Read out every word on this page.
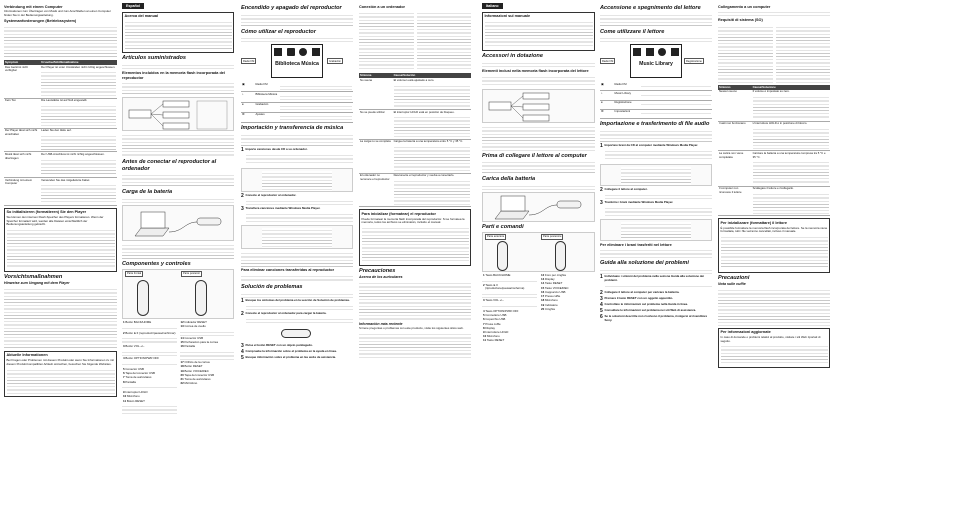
Verbindung mit einem Computer

Informationen zum Übertragen von Musik und zum Anschließen an einen Computer finden Sie in der Bedienungsanleitung.

Systemanforderungen (Betriebssystem)
Symptom	Ursache/Abhilfemaßnahme
Das Gerät ist nicht verfügbar	Der Player ist unter Umständen nicht richtig angeschlossen.

Kein Ton	Die Lautstärke ist auf Null eingestellt.

Der Player lässt sich nicht einschalten	Laden Sie den Akku auf.

Musik lässt sich nicht übertragen	Der USB-Anschluss ist nicht richtig angeschlossen.

Verbindung mit einem Computer	Verwenden Sie das mitgelieferte Kabel.
So initialisieren (formatieren) Sie den Player

Sie können den internen Flash-Speicher des Players formatieren. Wenn der Speicher formatiert wird, werden alle Dateien einschließlich der Bedienungsanleitung gelöscht.

Vorsichtsmaßnahmen
Hinweise zum Umgang mit dem Player
Aktuelle Informationen

Bei Fragen oder Problemen mit diesem Produkt oder wenn Sie Informationen zu mit diesem Produkt kompatiblen Artikeln wünschen, besuchen Sie folgende Websites.

Español
Acerca del manual
Artículos suministrados
Elementos incluidos en la memoria flash incorporada del reproductor
Antes de conectar el reproductor al ordenador
Carga de la batería
Componentes y controles
Parte frontal	Parte posterior
1 Botón BACK/HOME
2 Botón ►II (reproducir/pausa/confirmar)
3 Botón VOL +/–
4 Botón OPTION/PWR OFF
5 Conector USB
6 Tapa del conector USB
7 Toma de auriculares
8 Pantalla
9 Interruptor HOLD
10 Micrófono
11 Botón RESET
12 Indicador RESET
13 Correa de cuello
14 Conector USB
15 Perforación para la correa
16 Pantalla
17 Orificio de la correa
18 Botón RESET
19 Botón VOICE/REC
20 Tapa del conector USB
21 Toma de auriculares
22 Micrófono
Encendido y apagado del reproductor
Cómo utilizar el reproductor
Biblioteca Música
Radio FM	Grabación
▣	Radio FM	

♪	Biblioteca Música	

●	Grabación	

⚙	Ajustes	
Importación y transferencia de música
1 Importe canciones desde CD a su ordenador.
2 Conecte el reproductor al ordenador.
3 Transfiera canciones mediante Windows Media Player.
Para eliminar canciones transferidas al reproductor
Solución de problemas
1 Busque los síntomas del problema en la sección de Solución de problemas.
2 Conecte el reproductor al ordenador para cargar la batería.
3 Pulse el botón RESET con un objeto puntiagudo.
4 Compruebe la información sobre el problema en la ayuda en línea.
5 Busque información sobre el problema en las webs de asistencia.
Conexión a un ordenador
Síntoma	Causa/Solución
No suena	El volumen está ajustado a cero.

No se puede utilizar	El interruptor HOLD está en posición de bloqueo.

La carga no se completa	Cargue la batería a una temperatura entre 5 °C y 35 °C.

El ordenador no reconoce el reproductor	Desconecte el reproductor y vuelva a conectarlo.
Para inicializar (formatear) el reproductor

Puede formatear la memoria flash incorporada del reproductor. Si se formatea la memoria, todos los archivos se eliminarán, incluido el manual.

Precauciones
Acerca de los auriculares
Información más reciente

Si tiene preguntas o problemas con este producto, visite los siguientes sitios web.

Italiano
Informazioni sul manuale
Accessori in dotazione
Elementi inclusi nella memoria flash incorporata del lettore
Prima di collegare il lettore al computer
Carica della batteria
Parti e comandi
Parte anteriore	Parte posteriore
1 Tasto BACK/HOME
2 Tasto ►II (riproduzione/pausa/conferma)
3 Tasto VOL +/–
4 Tasto OPTION/PWR OFF
5 Connettore USB
6 Coperchio USB
7 Presa cuffie
8 Display
9 Interruttore HOLD
10 Microfono
11 Tasto RESET
12 Foro per cinghia
13 Display
14 Tasto RESET
15 Tasto VOICE/REC
16 Cappuccio USB
17 Presa cuffie
18 Microfono
19 Indicatore
20 Cinghia
Accensione e spegnimento del lettore
Come utilizzare il lettore
Music Library
Radio FM	Registrazione
▣	Radio FM	

♪	Music Library	

●	Registrazione	

⚙	Impostazioni	
Importazione e trasferimento di file audio
1 Importare brani da CD al computer mediante Windows Media Player.
2 Collegare il lettore al computer.
3 Trasferire i brani mediante Windows Media Player.
Per eliminare i brani trasferiti nel lettore
Guida alla soluzione dei problemi
1 Individuare i sintomi del problema nella sezione Guida alla soluzione dei problemi.
2 Collegare il lettore al computer per caricare la batteria.
3 Premere il tasto RESET con un oggetto appuntito.
4 Controllare le informazioni sul problema nella Guida in linea.
5 Consultare le informazioni sul problema nei siti Web di assistenza.
6 Se le soluzioni descritte non risolvono il problema, rivolgersi al rivenditore Sony.
Collegamento a un computer
Requisiti di sistema (SO)
Sintomo	Causa/Soluzione
Nessun suono	Il volume è impostato su zero.

I tasti non funzionano	L'interruttore HOLD è in posizione di blocco.

La carica non viene completata	Caricare la batteria a una temperatura compresa tra 5 °C e 35 °C.

Il computer non riconosce il lettore	Scollegare il lettore e ricollegarlo.
Per inizializzare (formattare) il lettore

È possibile formattare la memoria flash incorporata del lettore. Se la memoria viene formattata, tutti i file verranno cancellati, incluso il manuale.

Precauzioni
Nota sulle cuffie
Per informazioni aggiornate

In caso di domande o problemi relativi al prodotto, visitare i siti Web riportati di seguito.
